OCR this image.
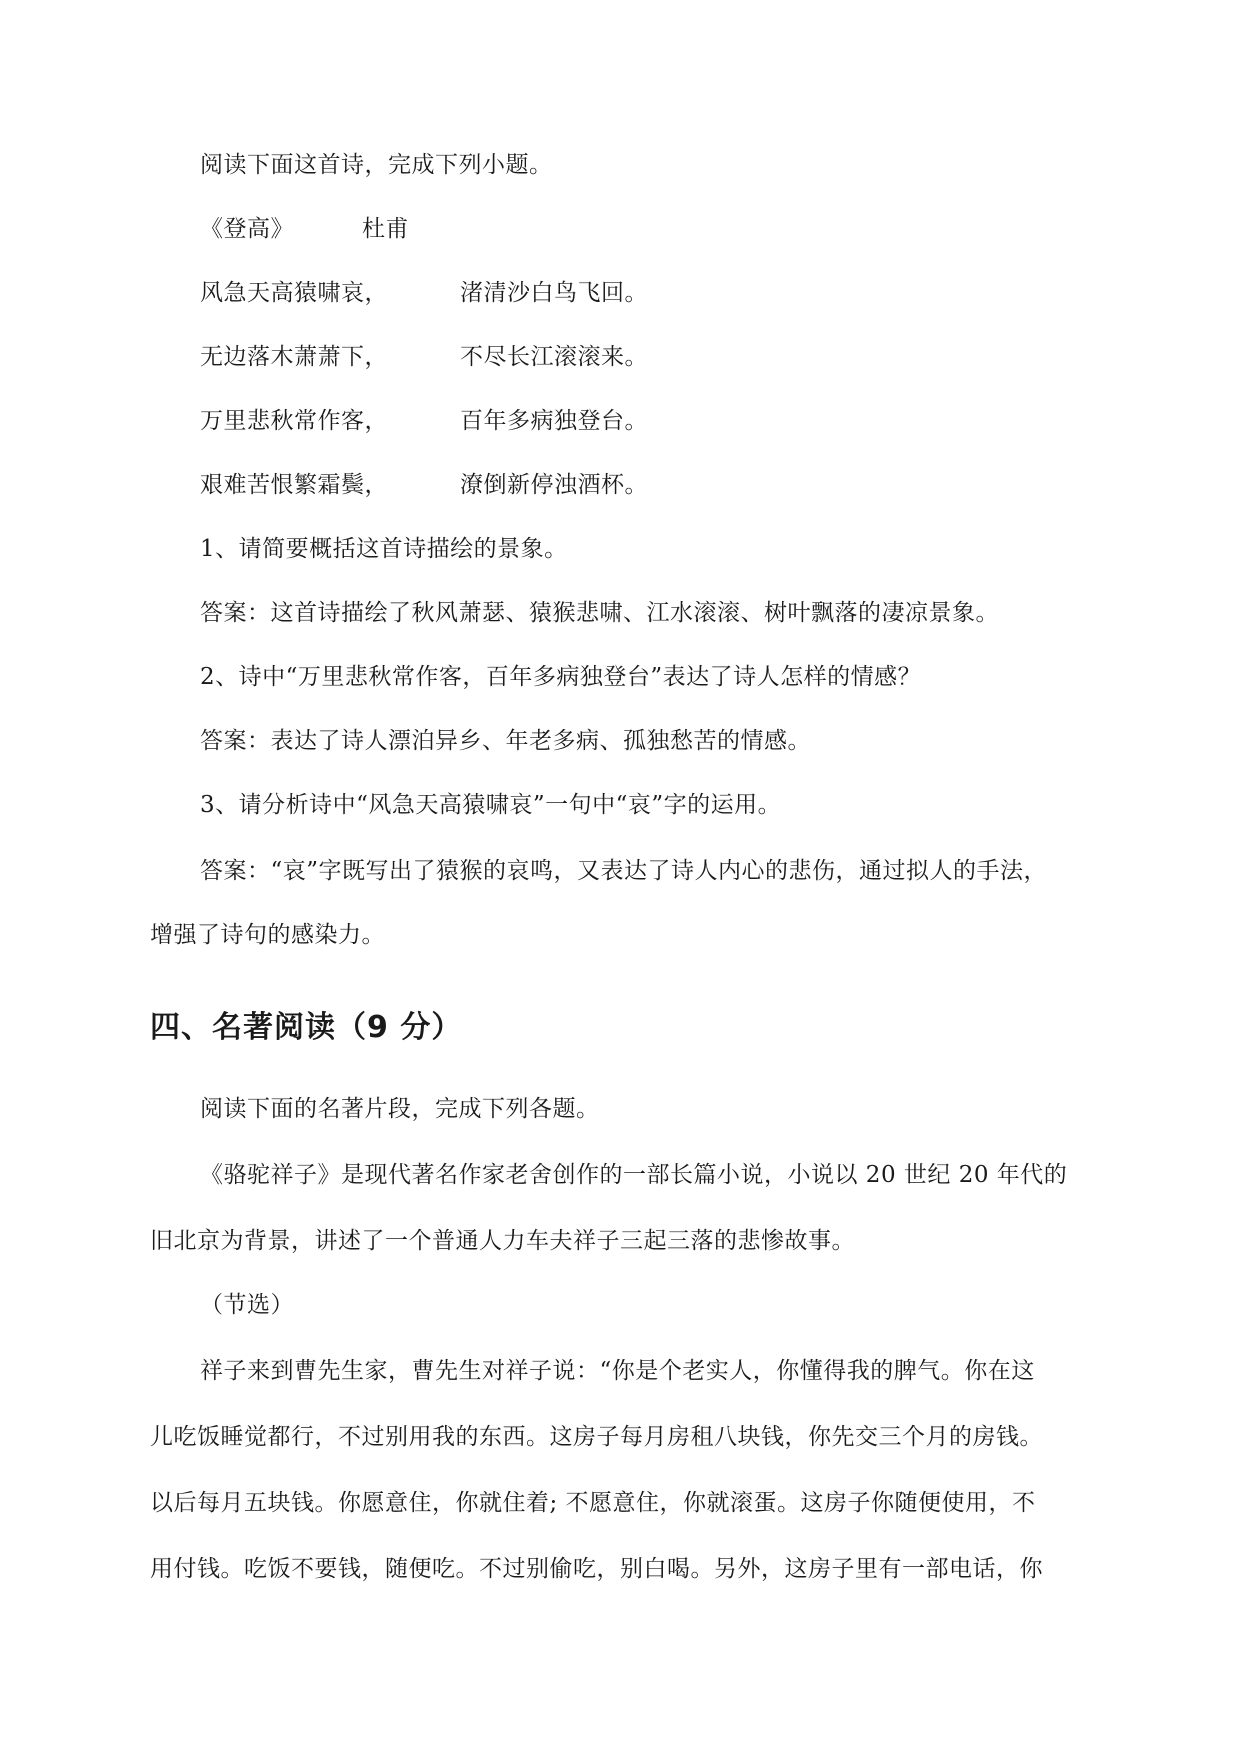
阅读下面这首诗，完成下列小题。
《登高》	杜甫
风急天高猿啸哀，	渚清沙白鸟飞回。
无边落木萧萧下，	不尽长江滚滚来。
万里悲秋常作客，	百年多病独登台。
艰难苦恨繁霜鬓，	潦倒新停浊酒杯。
1、请简要概括这首诗描绘的景象。
答案：这首诗描绘了秋风萧瑟、猿猴悲啸、江水滚滚、树叶飘落的凄凉景象。
2、诗中“万里悲秋常作客，百年多病独登台”表达了诗人怎样的情感？
答案：表达了诗人漂泊异乡、年老多病、孤独愁苦的情感。
3、请分析诗中“风急天高猿啸哀”一句中“哀”字的运用。
答案：“哀”字既写出了猿猴的哀鸣，又表达了诗人内心的悲伤，通过拟人的手法，
增强了诗句的感染力。
四、名著阅读（9 分）
阅读下面的名著片段，完成下列各题。
《骆驼祥子》是现代著名作家老舍创作的一部长篇小说，小说以 20 世纪 20 年代的
旧北京为背景，讲述了一个普通人力车夫祥子三起三落的悲惨故事。
（节选）
祥子来到曹先生家，曹先生对祥子说：“你是个老实人，你懂得我的脾气。你在这
儿吃饭睡觉都行，不过别用我的东西。这房子每月房租八块钱，你先交三个月的房钱。
以后每月五块钱。你愿意住，你就住着; 不愿意住，你就滚蛋。这房子你随便使用，不
用付钱。吃饭不要钱，随便吃。不过别偷吃，别白喝。另外，这房子里有一部电话，你
